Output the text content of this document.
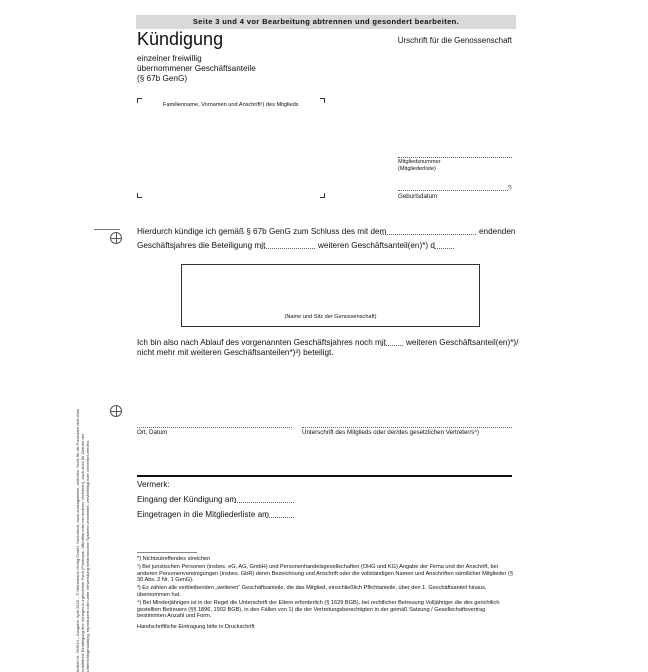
Seite 3 und 4 vor Bearbeitung abtrennen und gesondert bearbeiten.
Kündigung
einzelner freiwillig
übernommener Geschäftsanteile
(§ 67b GenG)
Urschrift für die Genossenschaft
Familienname, Vornamen und Anschrift¹) des Mitglieds
Mitgliedsnummer
(Mitgliederliste)
²)
Geburtsdatum
Hierdurch kündige ich gemäß § 67b GenG zum Schluss des mit dem	endenden
Geschäftsjahres die Beteiligung mit	weiteren Geschäftsanteil(en)*) d
(Name und Sitz der Genossenschaft)
Ich bin also nach Ablauf des vorgenannten Geschäftsjahres noch mit weiteren Geschäftsanteil(en)*)/
nicht mehr mit weiteren Geschäftsanteilen*)³) beteiligt.
Ort, Datum	Unterschrift des Mitglieds oder der/des gesetzlichen Vertreter/s⁴)
Vermerk:
Eingang der Kündigung am
Eingetragen in die Mitgliederliste am
*) Nichtzutreffendes streichen
¹) Bei juristischen Personen (insbes. eG, AG, GmbH) und Personenhandelsgesellschaften (OHG und KG) Angabe der Firma und der Anschrift, bei anderen Personenvereinigungen (insbes. GbR) deren Bezeichnung und Anschrift oder die vollständigen Namen und Anschriften sämtlicher Mitglieder (§ 30 Abs. 2 Nr. 1 GenG).
³) Es zählen alle verbleibenden „weiteren“ Geschäftsanteile, die das Mitglied, einschließlich Pflichtanteile, über den 1. Geschäftsanteil hinaus, übernommen hat.
⁴) Bei Minderjährigen ist in der Regel die Unterschrift der Eltern erforderlich (§ 1629 BGB), bei rechtlicher Betreuung Volljähriger die des gerichtlich gestellten Betreuers (§§ 1896, 1902 BGB), in den Fällen von 1) die der Vertretungsberechtigten in der gemäß Satzung / Gesellschaftsvertrag bestimmten Anzahl und Form.
Handschriftliche Eintragung bitte in Druckschrift
Artikel-Nr. 393610 – Ausgabe: April 2018 – © Heinemann Verlag GmbH. Nachdruck, auch auszugsweise, verboten. Nicht für die Formulare darf ohne schriftliche Einwilligung des Verlages in irgendeiner Form (Fotokopie, Mikrofilm oder ein anderes Verfahren), auch nicht für Zwecke der Unterrichtsgestaltung, reproduziert oder unter Verwendung elektronischer Systeme verarbeitet, vervielfältigt oder verbreitet werden.
